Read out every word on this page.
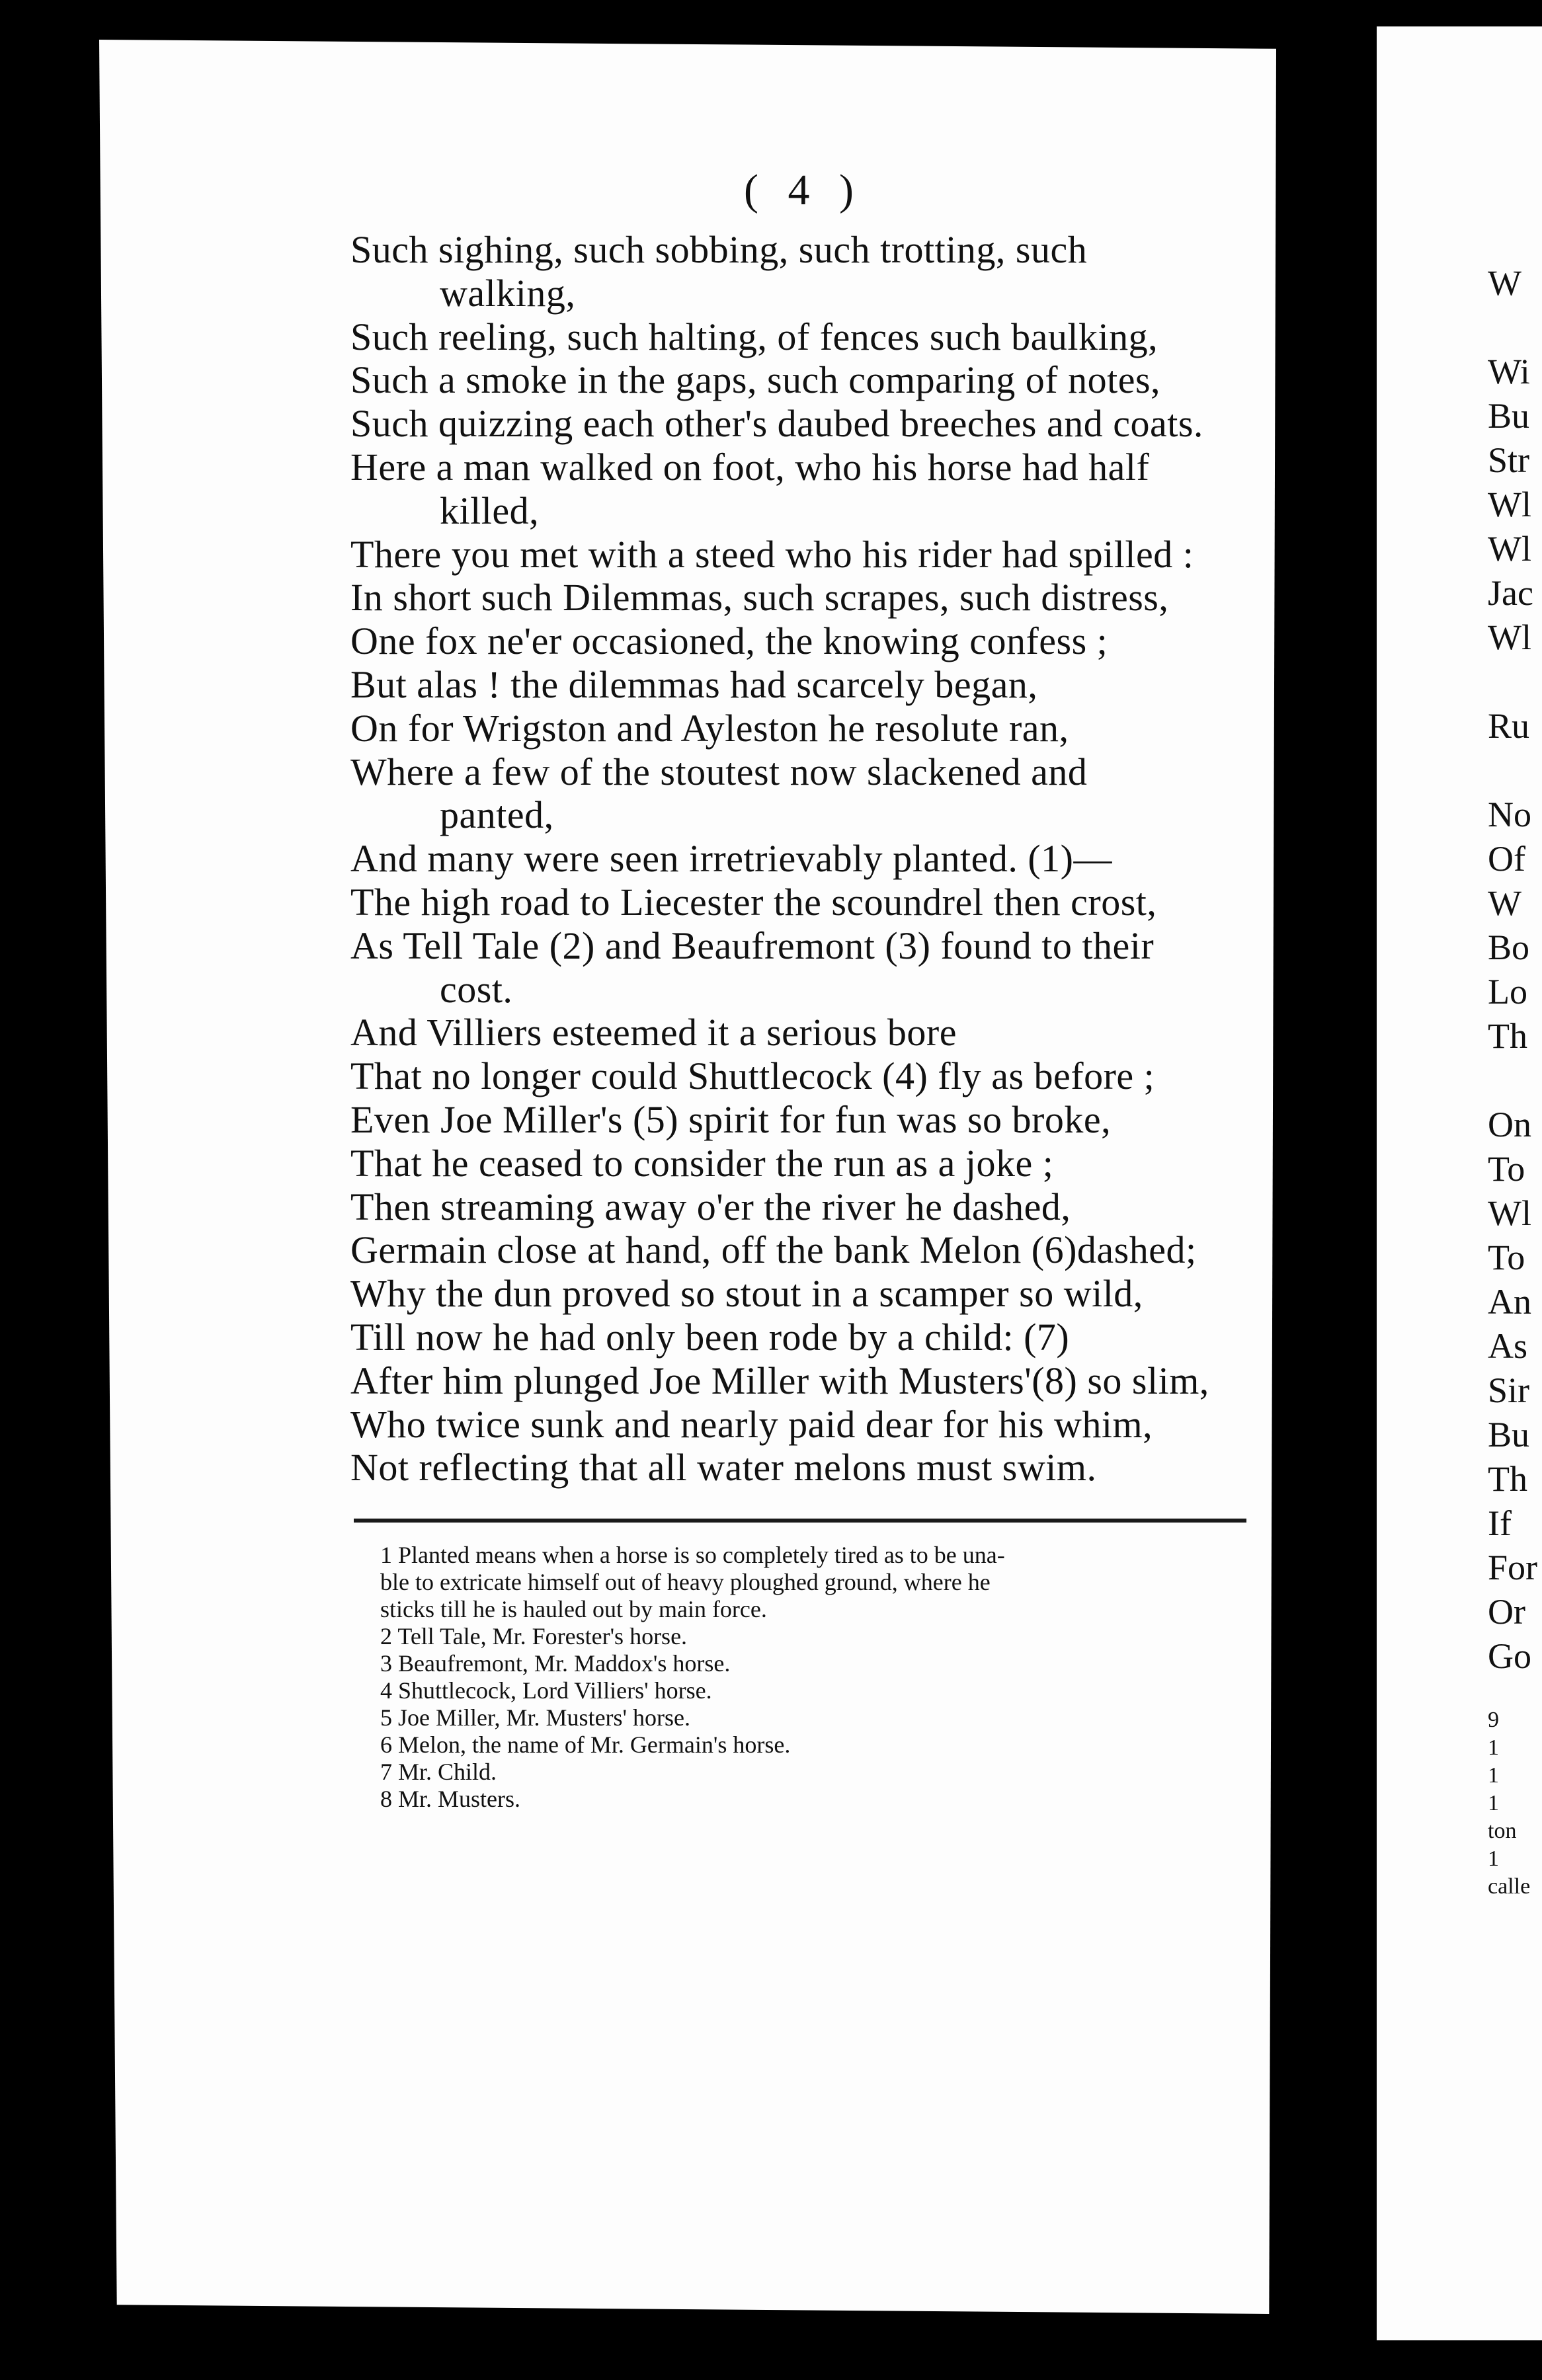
( 4 )
Such sighing, such sobbing, such trotting, such
walking,
Such reeling, such halting, of fences such baulking,
Such a smoke in the gaps, such comparing of notes,
Such quizzing each other's daubed breeches and coats.
Here a man walked on foot, who his horse had half
killed,
There you met with a steed who his rider had spilled :
In short such Dilemmas, such scrapes, such distress,
One fox ne'er occasioned, the knowing confess ;
But alas ! the dilemmas had scarcely began,
On for Wrigston and Ayleston he resolute ran,
Where a few of the stoutest now slackened and
panted,
And many were seen irretrievably planted. (1)—
The high road to Liecester the scoundrel then crost,
As Tell Tale (2) and Beaufremont (3) found to their
cost.
And Villiers esteemed it a serious bore
That no longer could Shuttlecock (4) fly as before ;
Even Joe Miller's (5) spirit for fun was so broke,
That he ceased to consider the run as a joke ;
Then streaming away o'er the river he dashed,
Germain close at hand, off the bank Melon (6)dashed;
Why the dun proved so stout in a scamper so wild,
Till now he had only been rode by a child: (7)
After him plunged Joe Miller with Musters'(8) so slim,
Who twice sunk and nearly paid dear for his whim,
Not reflecting that all water melons must swim.
1 Planted means when a horse is so completely tired as to be una-
ble to extricate himself out of heavy ploughed ground, where he
sticks till he is hauled out by main force.
2 Tell Tale, Mr. Forester's horse.
3 Beaufremont, Mr. Maddox's horse.
4 Shuttlecock, Lord Villiers' horse.
5 Joe Miller, Mr. Musters' horse.
6 Melon, the name of Mr. Germain's horse.
7 Mr. Child.
8 Mr. Musters.
W

Wi
Bu
Str
Wl
Wl
Jac
Wl

Ru

No
Of
W
Bo
Lo
Th

On
To
Wl
To
An
As
Sir
Bu
Th
If
For
Or
Go

9
1
1
1
ton
1
calle
